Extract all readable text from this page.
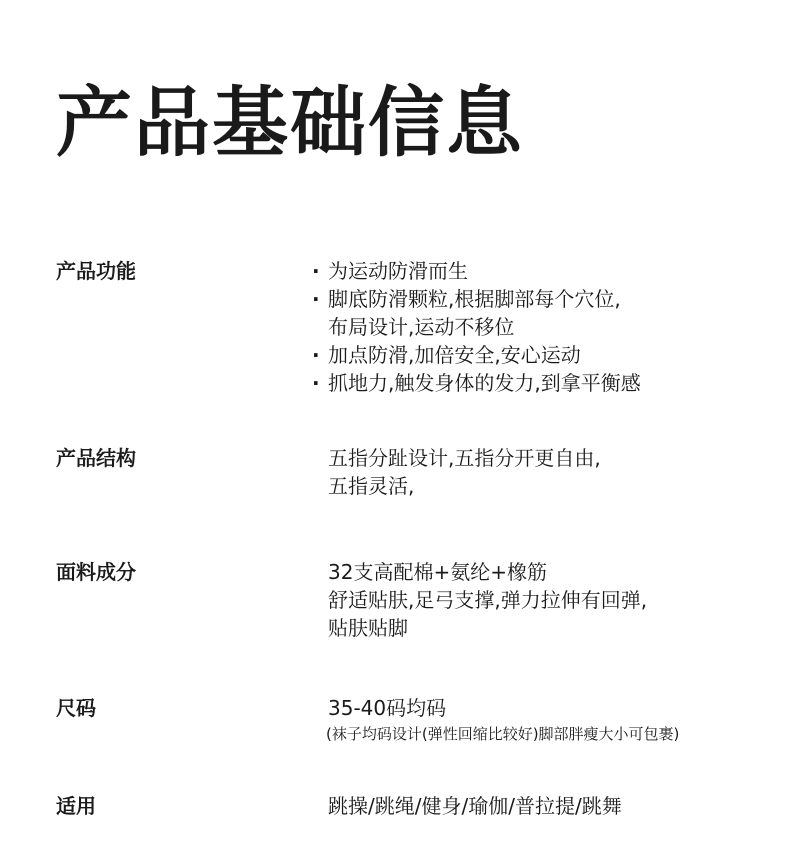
产品基础信息
产品功能
·	为运动防滑而生
· 脚底防滑颗粒,根据脚部每个穴位,
布局设计,运动不移位
· 加点防滑,加倍安全,安心运动
· 抓地力,触发身体的发力,到拿平衡感
产品结构	五指分趾设计,五指分开更自由,
五指灵活,
面料成分	32支高配棉+氨纶+橡筋
舒适贴肤,足弓支撑,弹力拉伸有回弹,
贴肤贴脚
尺码	35-40码均码
(袜子均码设计(弹性回缩比较好)脚部胖瘦大小可包裹)
适用	跳操/跳绳/健身/瑜伽/普拉提/跳舞
